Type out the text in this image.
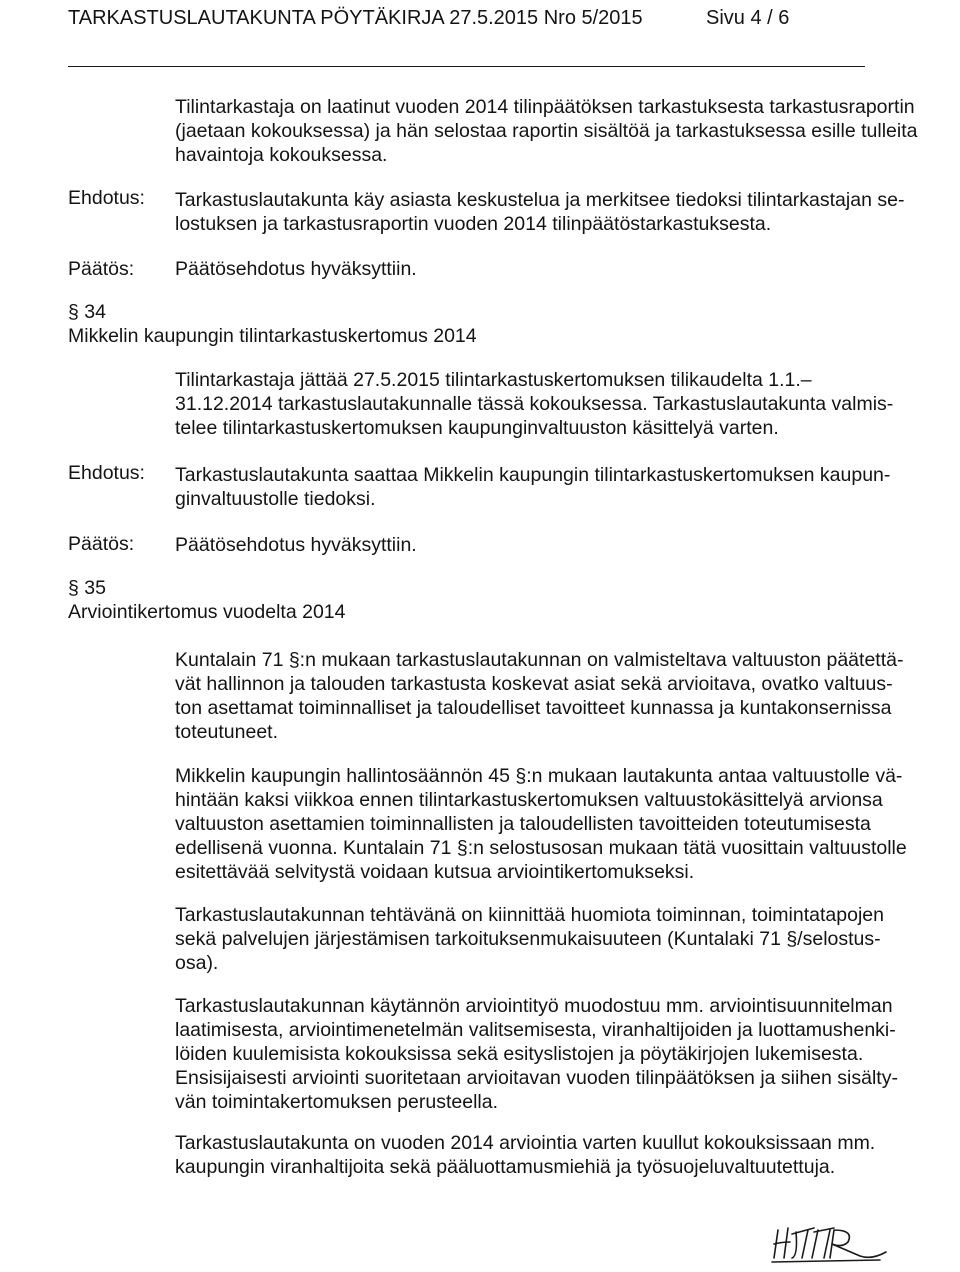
TARKASTUSLAUTAKUNTA PÖYTÄKIRJA 27.5.2015 Nro 5/2015	Sivu 4 / 6
Tilintarkastaja on laatinut vuoden 2014 tilinpäätöksen tarkastuksesta tarkastusraportin
(jaetaan kokouksessa) ja hän selostaa raportin sisältöä ja tarkastuksessa esille tulleita
havaintoja kokouksessa.
Ehdotus: Tarkastuslautakunta käy asiasta keskustelua ja merkitsee tiedoksi tilintarkastajan se-
lostuksen ja tarkastusraportin vuoden 2014 tilinpäätöstarkastuksesta.
Päätös: Päätösehdotus hyväksyttiin.
§ 34
Mikkelin kaupungin tilintarkastuskertomus 2014
Tilintarkastaja jättää 27.5.2015 tilintarkastuskertomuksen tilikaudelta 1.1.–
31.12.2014 tarkastuslautakunnalle tässä kokouksessa. Tarkastuslautakunta valmis-
telee tilintarkastuskertomuksen kaupunginvaltuuston käsittelyä varten.
Ehdotus: Tarkastuslautakunta saattaa Mikkelin kaupungin tilintarkastuskertomuksen kaupun-
ginvaltuustolle tiedoksi.
Päätös: Päätösehdotus hyväksyttiin.
§ 35
Arviointikertomus vuodelta 2014
Kuntalain 71 §:n mukaan tarkastuslautakunnan on valmisteltava valtuuston päätettä-
vät hallinnon ja talouden tarkastusta koskevat asiat sekä arvioitava, ovatko valtuus-
ton asettamat toiminnalliset ja taloudelliset tavoitteet kunnassa ja kuntakonsernissa
toteutuneet.
Mikkelin kaupungin hallintosäännön 45 §:n mukaan lautakunta antaa valtuustolle vä-
hintään kaksi viikkoa ennen tilintarkastuskertomuksen valtuustokäsittelyä arvionsa
valtuuston asettamien toiminnallisten ja taloudellisten tavoitteiden toteutumisesta
edellisenä vuonna. Kuntalain 71 §:n selostusosan mukaan tätä vuosittain valtuustolle
esitettävää selvitystä voidaan kutsua arviointikertomukseksi.
Tarkastuslautakunnan tehtävänä on kiinnittää huomiota toiminnan, toimintatapojen
sekä palvelujen järjestämisen tarkoituksenmukaisuuteen (Kuntalaki 71 §/selostus-
osa).
Tarkastuslautakunnan käytännön arviointityö muodostuu mm. arviointisuunnitelman
laatimisesta, arviointimenetelmän valitsemisesta, viranhaltijoiden ja luottamushenki-
löiden kuulemisista kokouksissa sekä esityslistojen ja pöytäkirjojen lukemisesta.
Ensisijaisesti arviointi suoritetaan arvioitavan vuoden tilinpäätöksen ja siihen sisälty-
vän toimintakertomuksen perusteella.
Tarkastuslautakunta on vuoden 2014 arviointia varten kuullut kokouksissaan mm.
kaupungin viranhaltijoita sekä pääluottamusmiehiä ja työsuojeluvaltuutettuja.
